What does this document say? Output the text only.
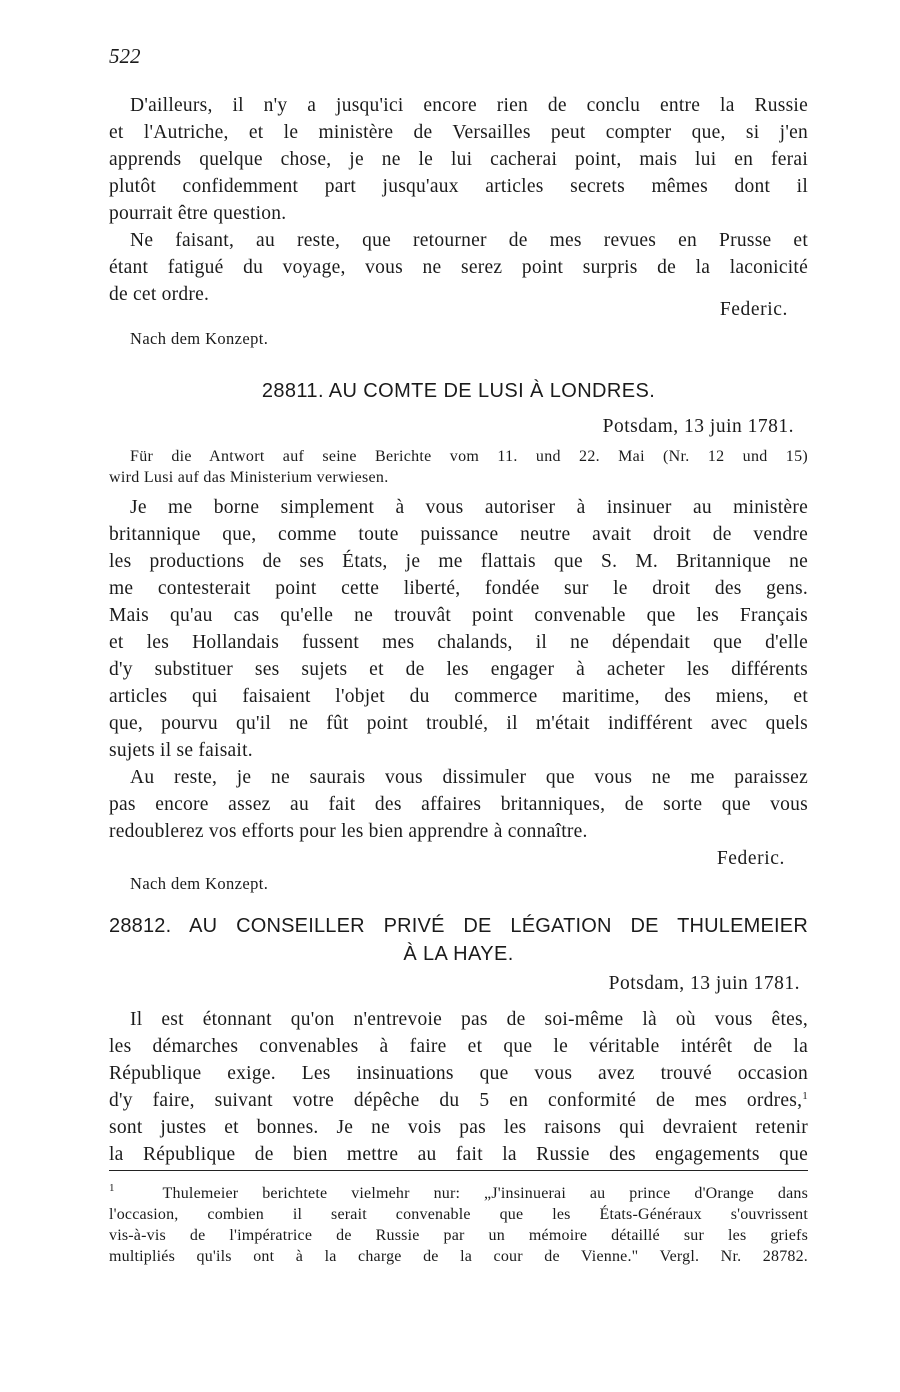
522
D'ailleurs, il n'y a jusqu'ici encore rien de conclu entre la Russie
et l'Autriche, et le ministère de Versailles peut compter que, si j'en
apprends quelque chose, je ne le lui cacherai point, mais lui en ferai
plutôt confidemment part jusqu'aux articles secrets mêmes dont il
pourrait être question.
Ne faisant, au reste, que retourner de mes revues en Prusse et
étant fatigué du voyage, vous ne serez point surpris de la laconicité
de cet ordre.
Federic.
Nach dem Konzept.
28811. AU COMTE DE LUSI À LONDRES.
Potsdam, 13 juin 1781.
Für die Antwort auf seine Berichte vom 11. und 22. Mai (Nr. 12 und 15)
wird Lusi auf das Ministerium verwiesen.
Je me borne simplement à vous autoriser à insinuer au ministère
britannique que, comme toute puissance neutre avait droit de vendre
les productions de ses États, je me flattais que S. M. Britannique ne
me contesterait point cette liberté, fondée sur le droit des gens.
Mais qu'au cas qu'elle ne trouvât point convenable que les Français
et les Hollandais fussent mes chalands, il ne dépendait que d'elle
d'y substituer ses sujets et de les engager à acheter les différents
articles qui faisaient l'objet du commerce maritime, des miens, et
que, pourvu qu'il ne fût point troublé, il m'était indifférent avec quels
sujets il se faisait.
Au reste, je ne saurais vous dissimuler que vous ne me paraissez
pas encore assez au fait des affaires britanniques, de sorte que vous
redoublerez vos efforts pour les bien apprendre à connaître.
Federic.
Nach dem Konzept.
28812. AU CONSEILLER PRIVÉ DE LÉGATION DE THULEMEIER
À LA HAYE.
Potsdam, 13 juin 1781.
Il est étonnant qu'on n'entrevoie pas de soi-même là où vous êtes,
les démarches convenables à faire et que le véritable intérêt de la
République exige. Les insinuations que vous avez trouvé occasion
d'y faire, suivant votre dépêche du 5 en conformité de mes ordres,$^1$
sont justes et bonnes. Je ne vois pas les raisons qui devraient retenir
la République de bien mettre au fait la Russie des engagements que
$^1$	Thulemeier berichtete vielmehr nur: „J'insinuerai au prince d'Orange dans
l'occasion, combien il serait convenable que les États-Généraux s'ouvrissent
vis-à-vis de l'impératrice de Russie par un mémoire détaillé sur les griefs
multipliés qu'ils ont à la charge de la cour de Vienne." Vergl. Nr. 28782.
